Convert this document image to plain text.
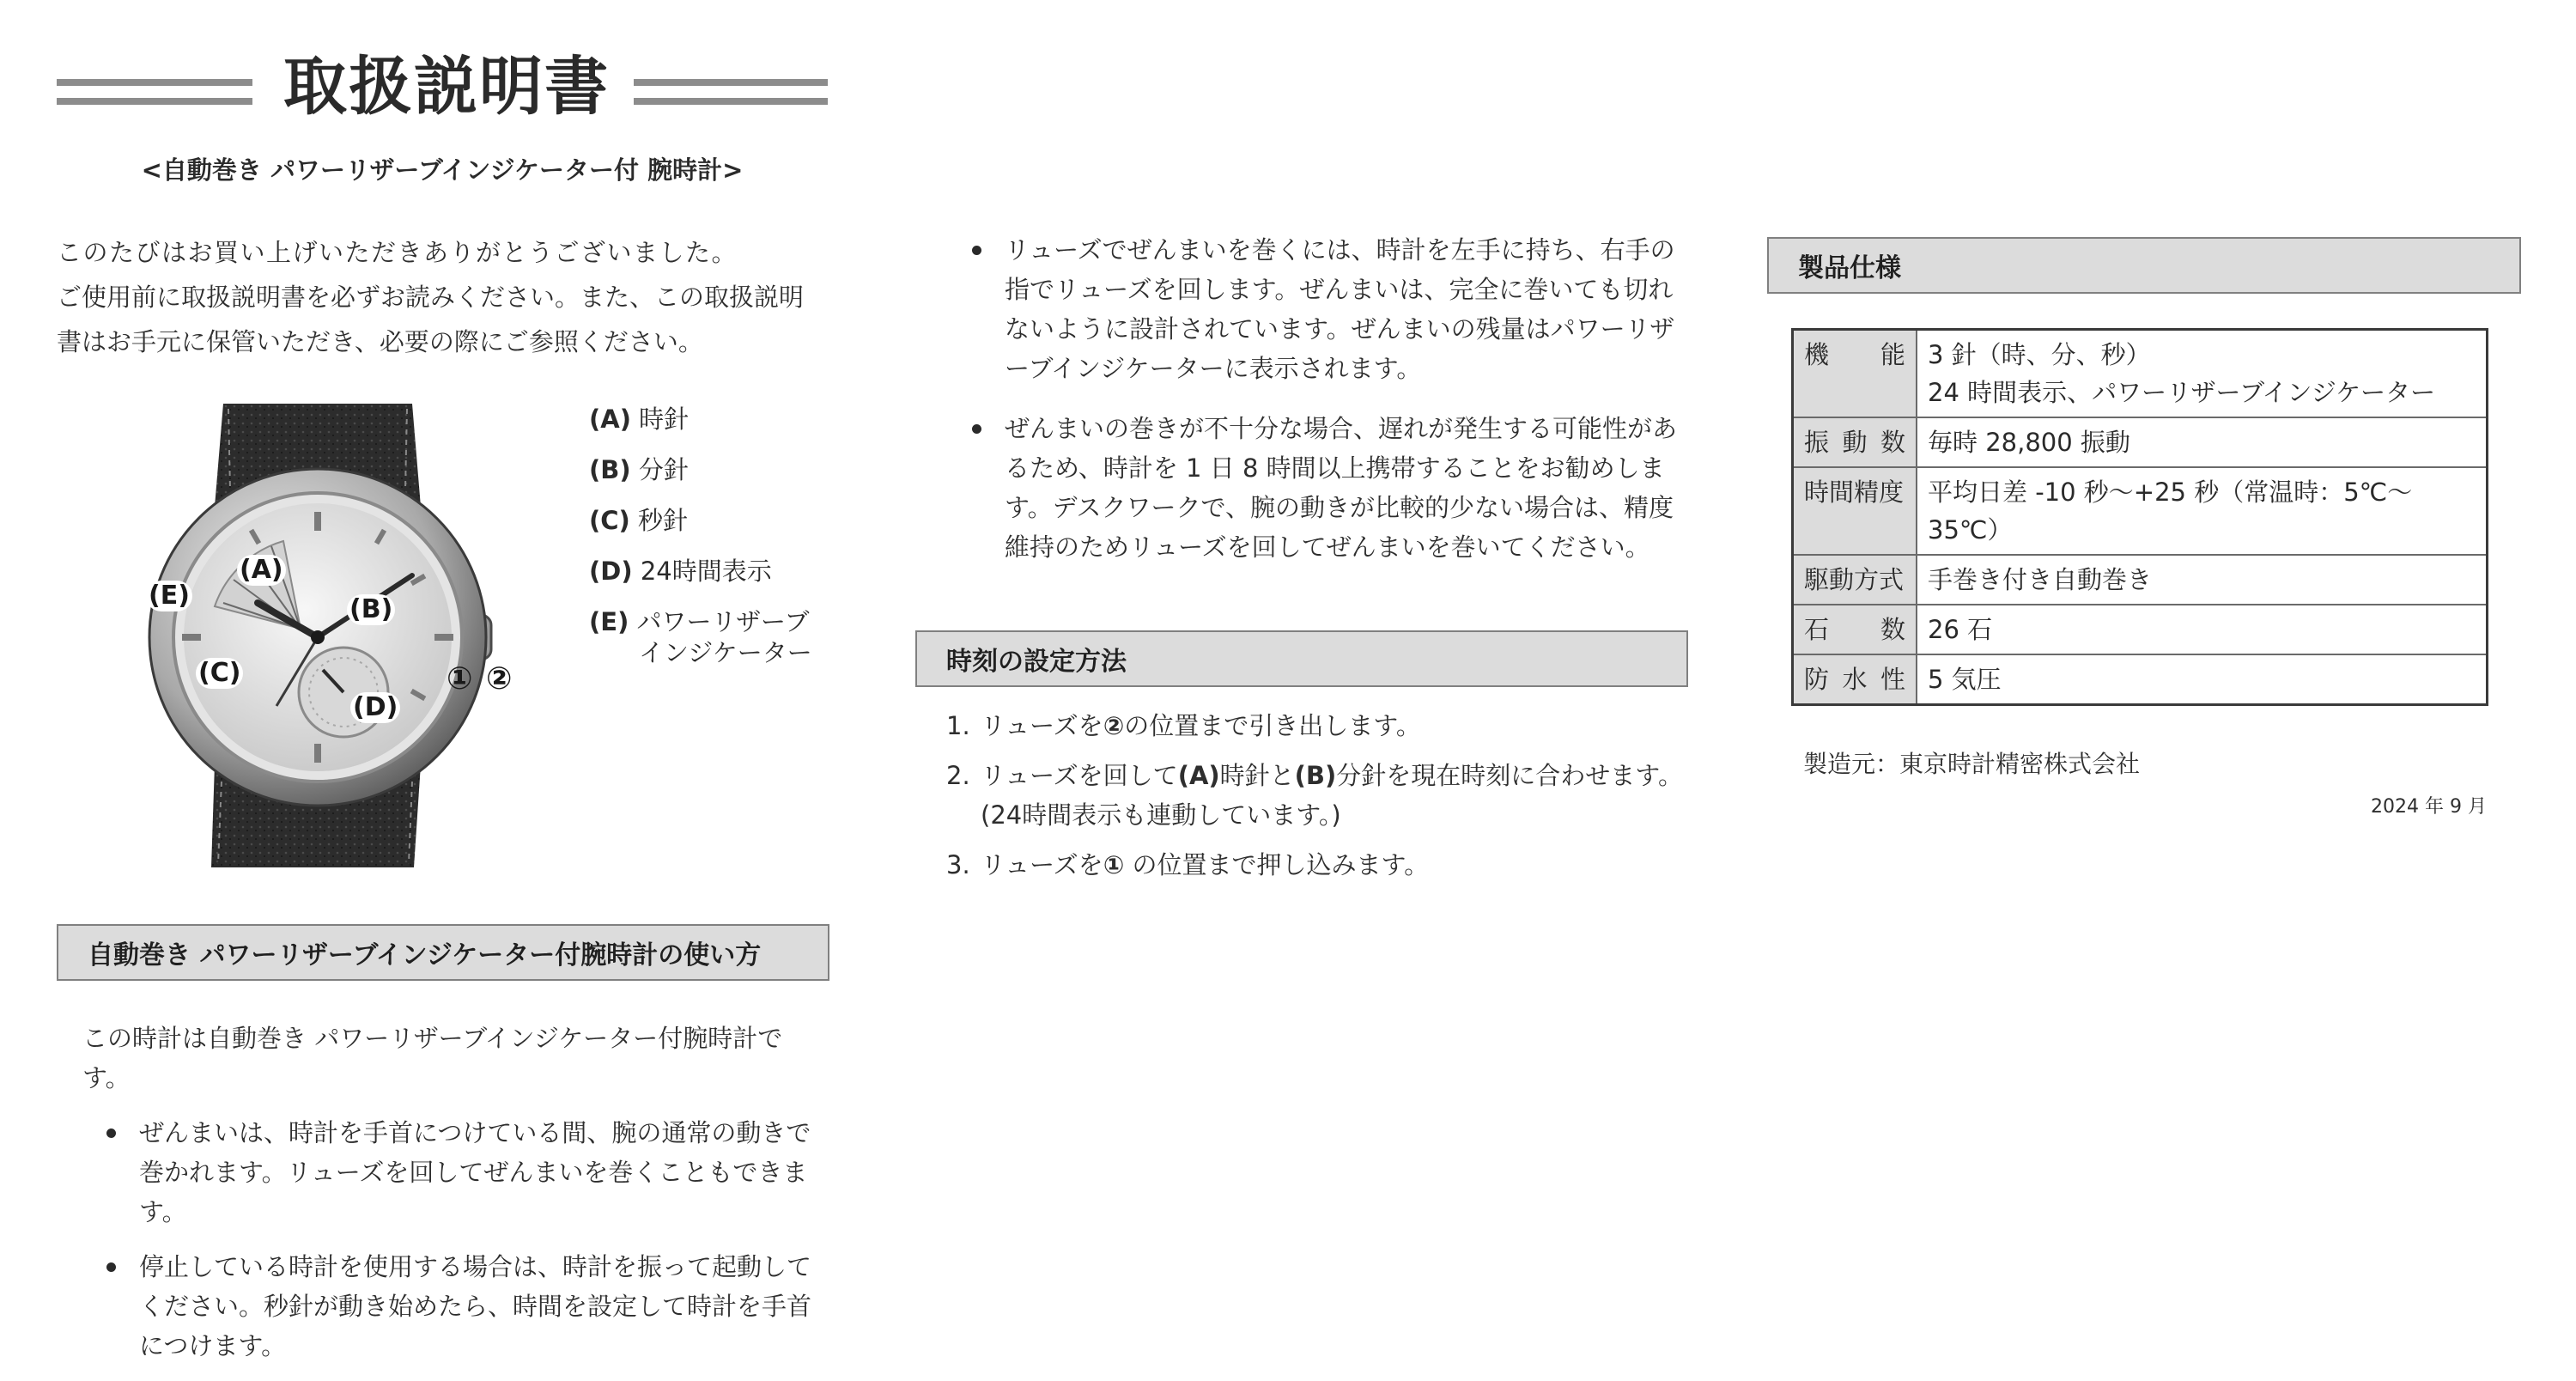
取扱説明書
<自動巻き パワーリザーブインジケーター付 腕時計>
このたびはお買い上げいただきありがとうございました。
ご使用前に取扱説明書を必ずお読みください。また、この取扱説明
書はお手元に保管いただき、必要の際にご参照ください。
(A)
(B)
(C)
(D)
(E)
① ②
(A) 時針
(B) 分針
(C) 秒針
(D) 24時間表示
(E) パワーリザーブ
インジケーター
自動巻き パワーリザーブインジケーター付腕時計の使い方
この時計は自動巻き パワーリザーブインジケーター付腕時計です。
ぜんまいは、時計を手首につけている間、腕の通常の動きで巻かれます。リューズを回してぜんまいを巻くこともできます。
停止している時計を使用する場合は、時計を振って起動してください。秒針が動き始めたら、時間を設定して時計を手首につけます。
リューズでぜんまいを巻くには、時計を左手に持ち、右手の指でリューズを回します。ぜんまいは、完全に巻いても切れないように設計されています。ぜんまいの残量はパワーリザーブインジケーターに表示されます。
ぜんまいの巻きが不十分な場合、遅れが発生する可能性があるため、時計を 1 日 8 時間以上携帯することをお勧めします。デスクワークで、腕の動きが比較的少ない場合は、精度維持のためリューズを回してぜんまいを巻いてください。
時刻の設定方法
1. リューズを②の位置まで引き出します。
2. リューズを回して(A)時針と(B)分針を現在時刻に合わせます。
(24時間表示も連動しています。)
3. リューズを① の位置まで押し込みます。
製品仕様
機　能	3 針（時、分、秒）
24 時間表示、パワーリザーブインジケーター

振動数	毎時 28,800 振動
時間精度	平均日差 -10 秒～+25 秒（常温時：5℃～35℃）
駆動方式	手巻き付き自動巻き
石　数	26 石
防水性	5 気圧
製造元：東京時計精密株式会社
2024 年 9 月
